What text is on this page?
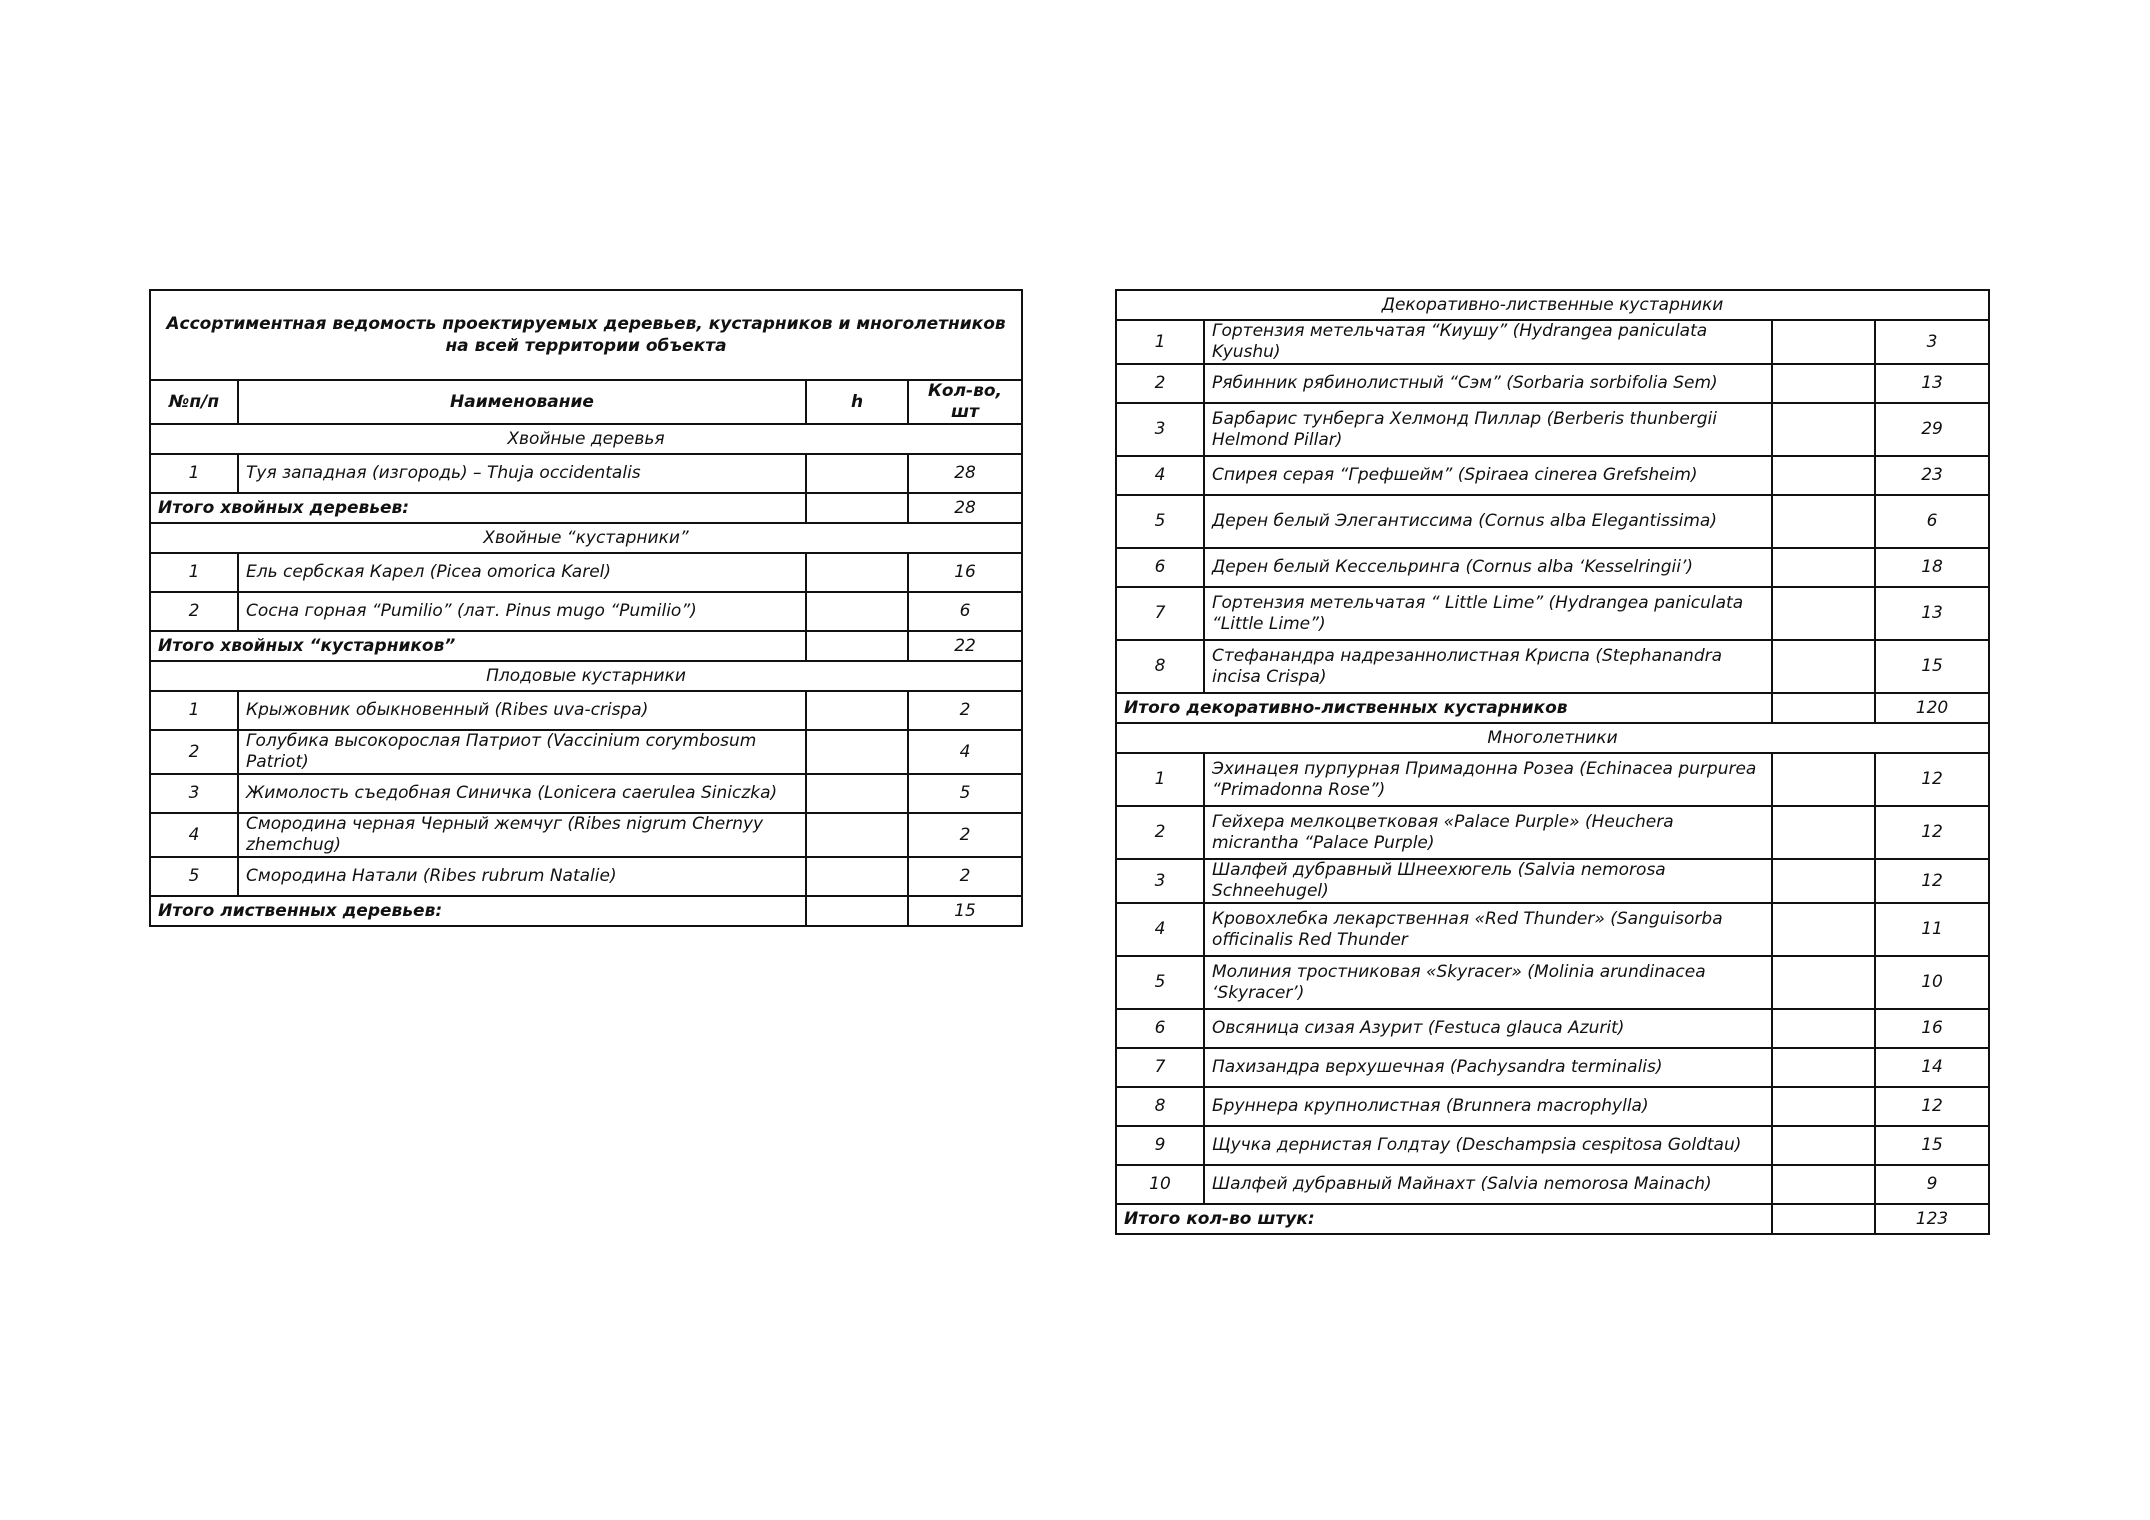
Ассортиментная ведомость проектируемых деревьев, кустарников и многолетников на всей территории объекта			
№п/п	Наименование	h	Кол-во, шт
Хвойные деревья			
1	Туя западная (изгородь) – Thuja occidentalis		28
Итого хвойных деревьев:			28
Хвойные “кустарники”			
1	Ель сербская Карел (Picea omorica Karel)		16
2	Сосна горная “Pumilio” (лат. Pinus mugo “Pumilio”)		6
Итого хвойных “кустарников”			22
Плодовые кустарники			
1	Крыжовник обыкновенный (Ribes uva-crispa)		2
2	Голубика высокорослая Патриот (Vaccinium corymbosum Patriot)		4
3	Жимолость съедобная Синичка (Lonicera caerulea Siniczka)		5
4	Смородина черная Черный жемчуг (Ribes nigrum Chernyy zhemchug)		2
5	Смородина Натали (Ribes rubrum Natalie)		2
Итого лиственных деревьев:			15
Декоративно-лиственные кустарники			
1	Гортензия метельчатая “Киушу” (Hydrangea paniculata Kyushu)		3
2	Рябинник рябинолистный “Сэм” (Sorbaria sorbifolia Sem)		13
3	Барбарис тунберга Хелмонд Пиллар (Berberis thunbergii Helmond Pillar)		29
4	Спирея серая “Грефшейм” (Spiraea cinerea Grefsheim)		23
5	Дерен белый Элегантиссима (Cornus alba Elegantissima)		6
6	Дерен белый Кессельринга (Cornus alba ‘Kesselringii’)		18
7	Гортензия метельчатая “ Little Lime” (Hydrangea paniculata “Little Lime”)		13
8	Стефанандра надрезаннолистная Криспа (Stephanandra incisa Crispa)		15
Итого декоративно-лиственных кустарников			120
Многолетники			
1	Эхинацея пурпурная Примадонна Розеа (Echinacea purpurea “Primadonna Rose”)		12
2	Гейхера мелкоцветковая «Palace Purple» (Heuchera micrantha “Palace Purple)		12
3	Шалфей дубравный Шнеехюгель (Salvia nemorosa Schneehugel)		12
4	Кровохлебка лекарственная «Red Thunder» (Sanguisorba officinalis Red Thunder		11
5	Молиния тростниковая «Skyracer» (Molinia arundinacea ‘Skyracer’)		10
6	Овсяница сизая Азурит (Festuca glauca Azurit)		16
7	Пахизандра верхушечная (Pachysandra terminalis)		14
8	Бруннера крупнолистная (Brunnera macrophylla)		12
9	Щучка дернистая Голдтау (Deschampsia cespitosa Goldtau)		15
10	Шалфей дубравный Майнахт (Salvia nemorosa Mainach)		9
Итого кол-во штук:			123
